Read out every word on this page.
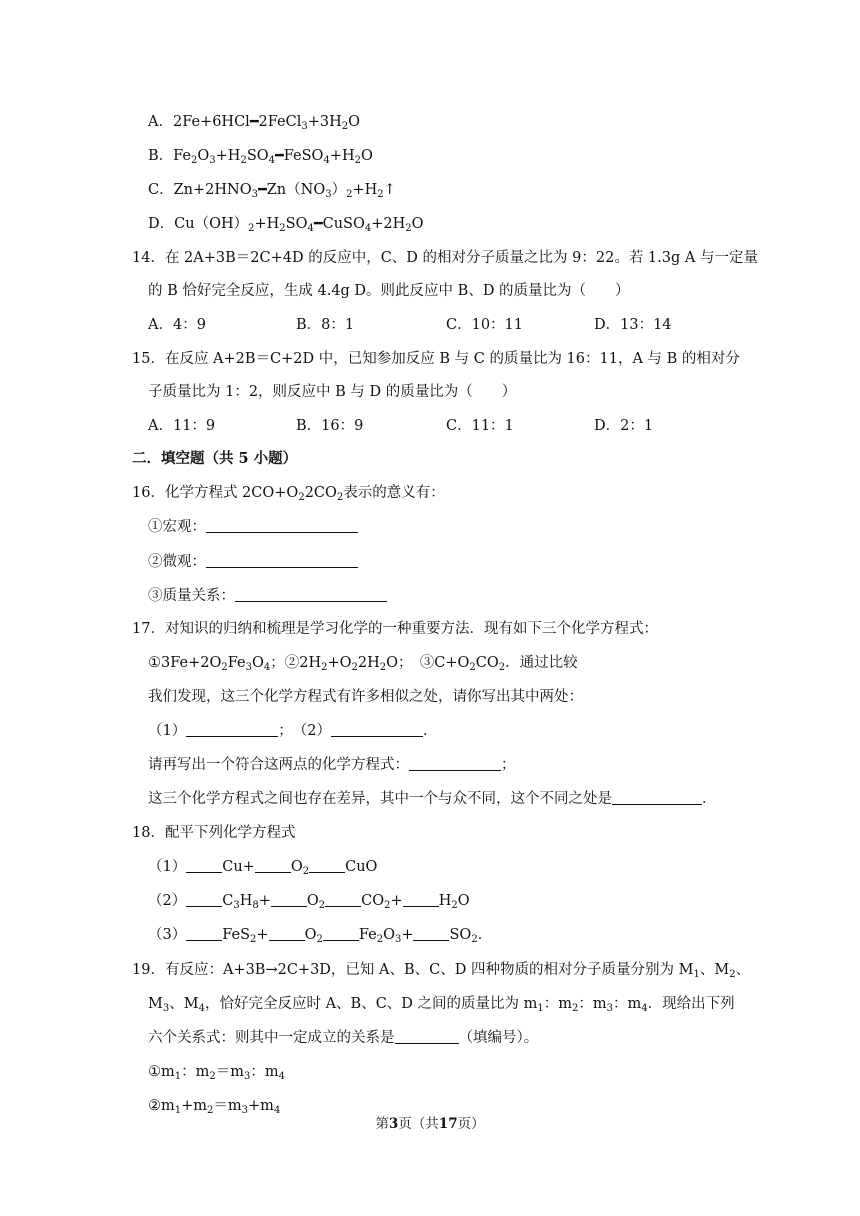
A．$2Fe+6HCl━2FeCl_3+3H_2O$
B．$Fe_2O_3+H_2SO_4━FeSO_4+H_2O$
C．$Zn+2HNO_3━Zn(NO_3)_2+H_2↑$
D．$Cu(OH)_2+H_2SO_4━CuSO_4+2H_2O$
14．在 2A+3B＝2C+4D 的反应中，C、D 的相对分子质量之比为 9：22。若 1.3g A 与一定量
的 B 恰好完全反应，生成 4.4g D。则此反应中 B、D 的质量比为（　　）
A．4：9	B．8：1	C．10：11	D．13：14
15．在反应 A+2B＝C+2D 中，已知参加反应 B 与 C 的质量比为 16：11，A 与 B 的相对分
子质量比为 1：2，则反应中 B 与 D 的质量比为（　　）
A．11：9	B．16：9	C．11：1	D．2：1
二．填空题（共 5 小题）
16．化学方程式 $2CO+O_22CO_2$表示的意义有：
①宏观：
②微观：
③质量关系：
17．对知识的归纳和梳理是学习化学的一种重要方法．现有如下三个化学方程式：
$①3Fe+2O_2Fe_3O_4$；$②2H_2+O_22H_2O$；　$③C+O_2CO_2$．通过比较
我们发现，这三个化学方程式有许多相似之处，请你写出其中两处：
（1）	；　（2）	．
请再写出一个符合这两点的化学方程式：	；
这三个化学方程式之间也存在差异，其中一个与众不同，这个不同之处是	．
18．配平下列化学方程式
（1） $Cu+ O_2$ CuO
（2） $C_3H_8+ O_2$ $CO_2+ H_2O$
（3） $FeS_2+ O_2$ $Fe_2O_3+ SO_2$．
19．有反应：A+3B→2C+3D，已知 A、B、C、D 四种物质的相对分子质量分别为 $M_1$、$M_2$、
$M_3$、$M_4$，恰好完全反应时 A、B、C、D 之间的质量比为 $m_1$：$m_2$：$m_3$：$m_4$．现给出下列
六个关系式：则其中一定成立的关系是	（填编号）。
$①m_1$：$m_2=m_3$：$m_4$
$②m_1+m_2=m_3+m_4$
第3页（共17页）
